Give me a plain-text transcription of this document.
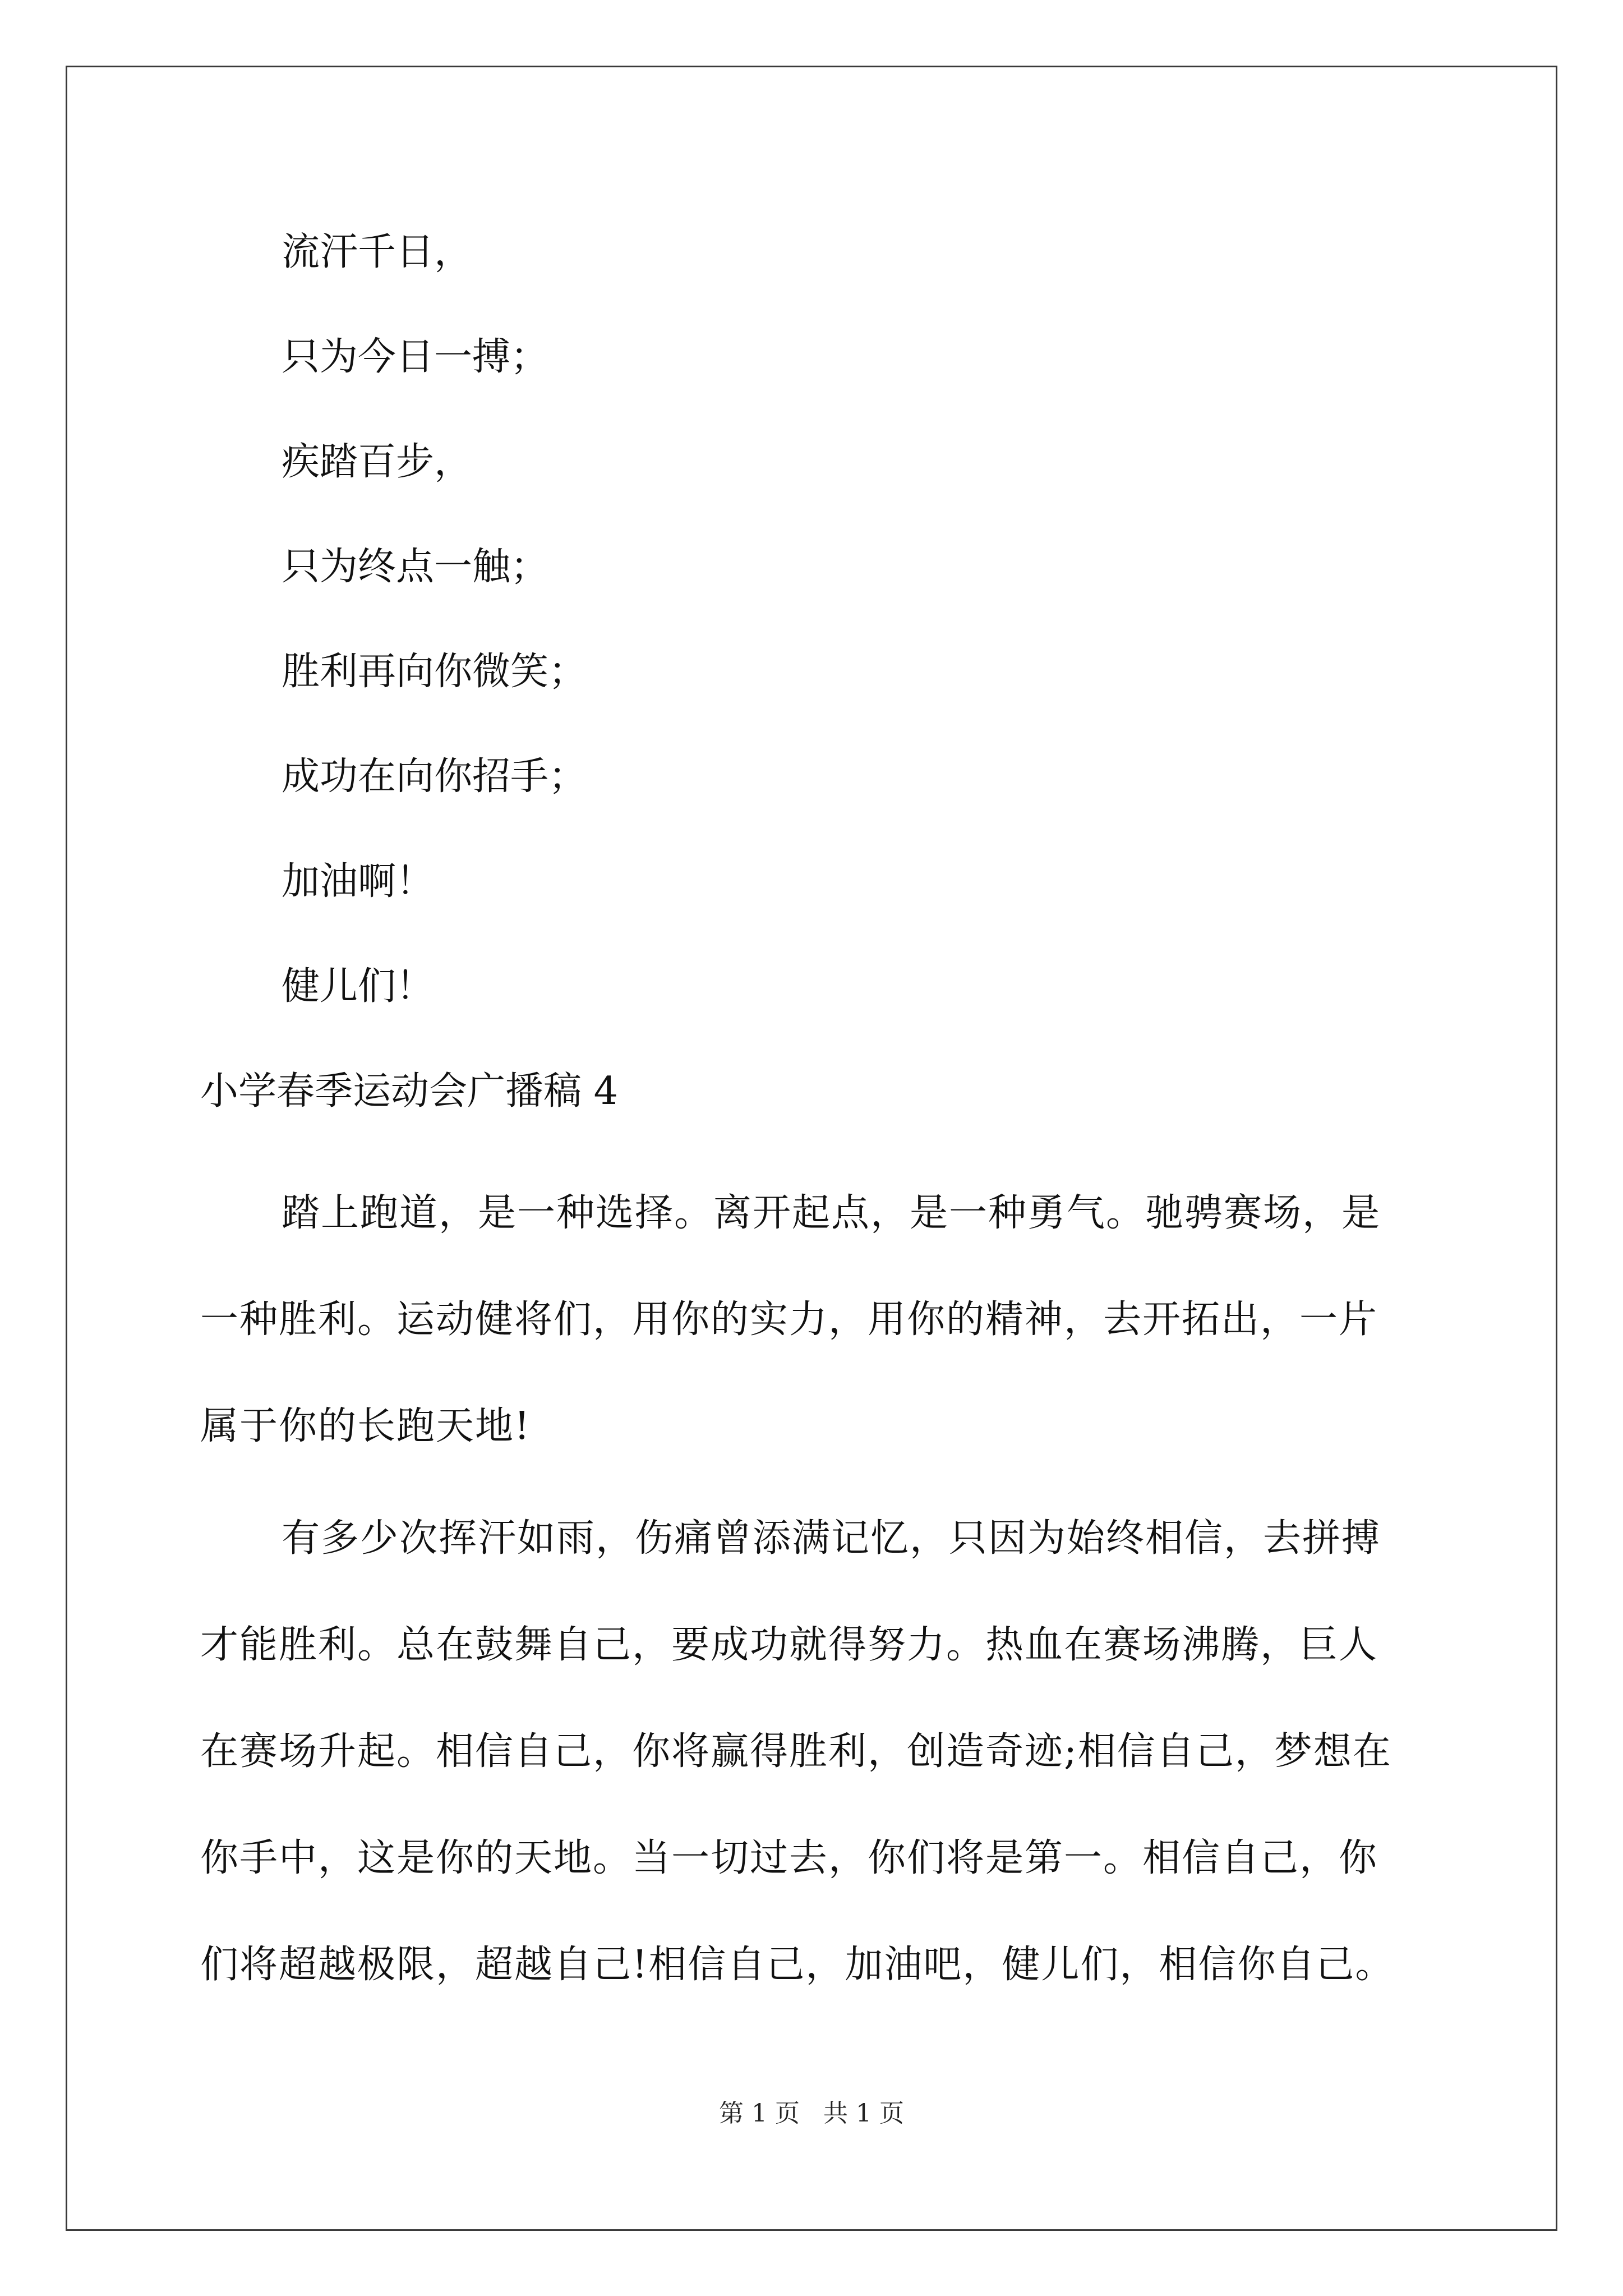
流汗千日，
只为今日一搏；
疾踏百步，
只为终点一触；
胜利再向你微笑；
成功在向你招手；
加油啊！
健儿们！
小学春季运动会广播稿 4
踏上跑道，是一种选择。离开起点，是一种勇气。驰骋赛场，是
一种胜利。运动健将们，用你的实力，用你的精神，去开拓出，一片
属于你的长跑天地!
有多少次挥汗如雨，伤痛曾添满记忆，只因为始终相信，去拼搏
才能胜利。总在鼓舞自己，要成功就得努力。热血在赛场沸腾，巨人
在赛场升起。相信自己，你将赢得胜利，创造奇迹;相信自己，梦想在
你手中，这是你的天地。当一切过去，你们将是第一。相信自己，你
们将超越极限，超越自己!相信自己，加油吧，健儿们，相信你自己。
第 1 页   共 1 页
